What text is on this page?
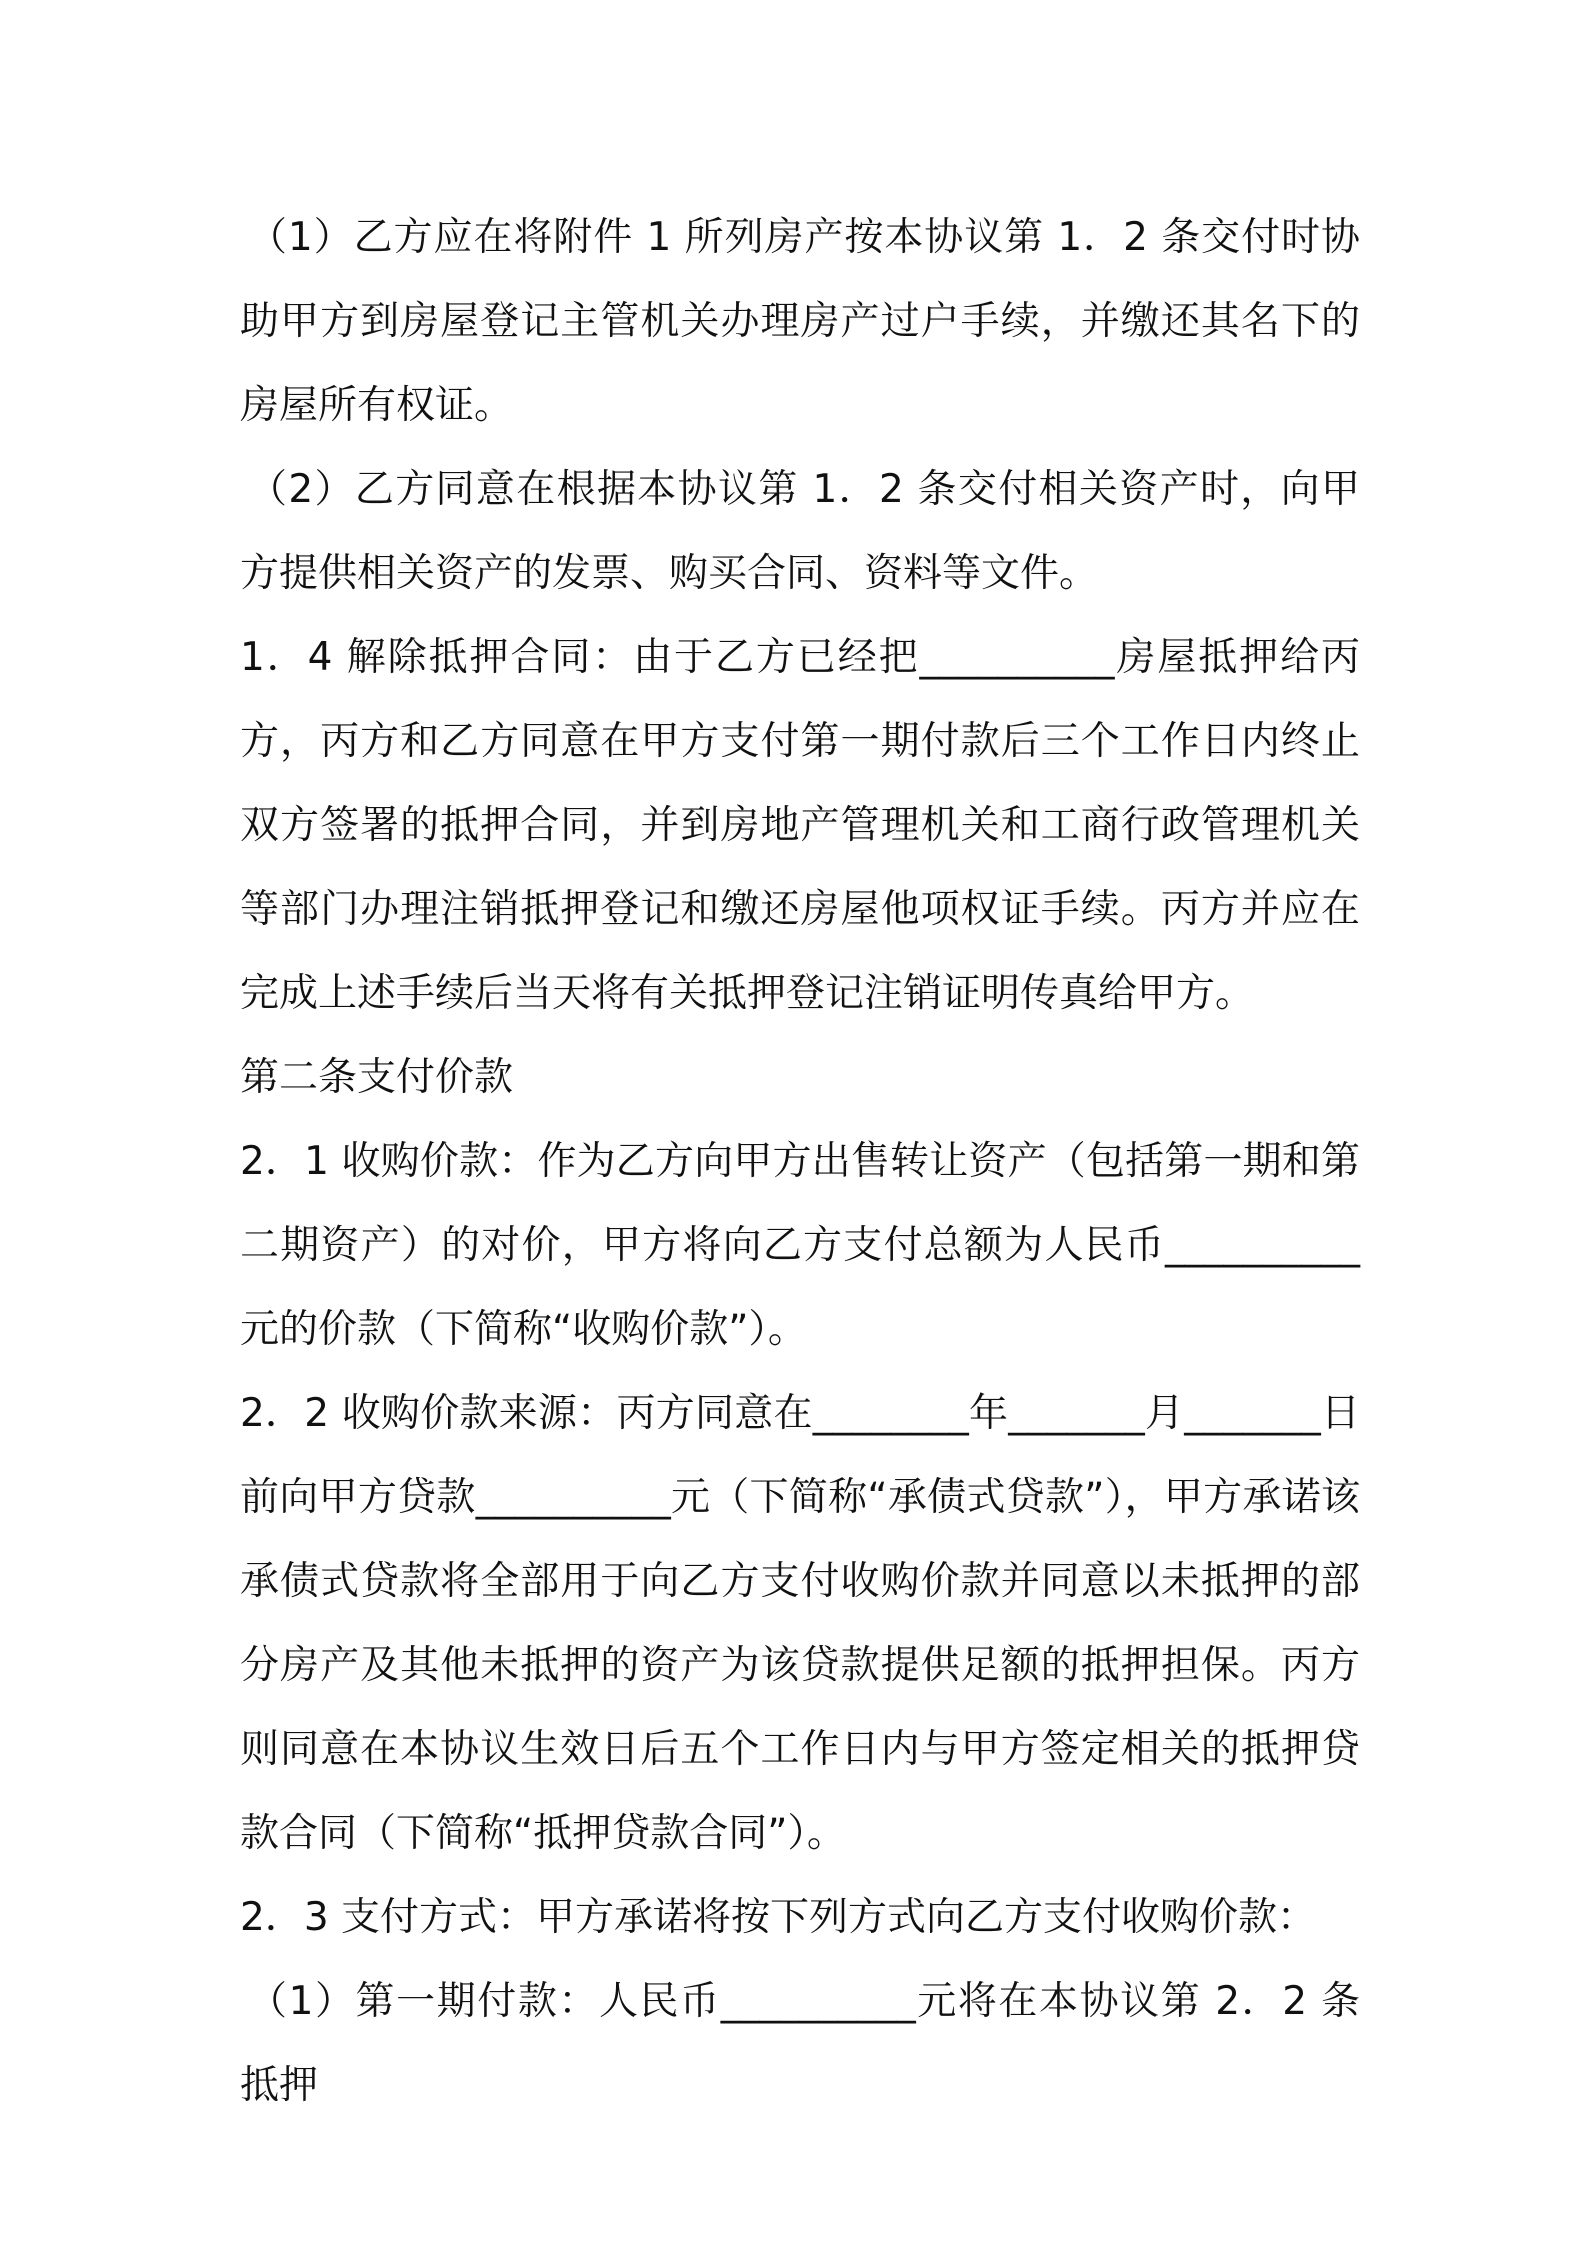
（1）乙方应在将附件 1 所列房产按本协议第 1．2 条交付时协助甲方到房屋登记主管机关办理房产过户手续，并缴还其名下的房屋所有权证。

（2）乙方同意在根据本协议第 1．2 条交付相关资产时，向甲方提供相关资产的发票、购买合同、资料等文件。

1．4 解除抵押合同：由于乙方已经把__________房屋抵押给丙方，丙方和乙方同意在甲方支付第一期付款后三个工作日内终止双方签署的抵押合同，并到房地产管理机关和工商行政管理机关等部门办理注销抵押登记和缴还房屋他项权证手续。丙方并应在完成上述手续后当天将有关抵押登记注销证明传真给甲方。

第二条支付价款

2．1 收购价款：作为乙方向甲方出售转让资产（包括第一期和第二期资产）的对价，甲方将向乙方支付总额为人民币__________元的价款（下简称“收购价款”）。

2．2 收购价款来源：丙方同意在________年_______月_______日前向甲方贷款__________元（下简称“承债式贷款”），甲方承诺该承债式贷款将全部用于向乙方支付收购价款并同意以未抵押的部分房产及其他未抵押的资产为该贷款提供足额的抵押担保。丙方则同意在本协议生效日后五个工作日内与甲方签定相关的抵押贷款合同（下简称“抵押贷款合同”）。

2．3 支付方式：甲方承诺将按下列方式向乙方支付收购价款：

（1）第一期付款：人民币__________元将在本协议第 2．2 条抵押
